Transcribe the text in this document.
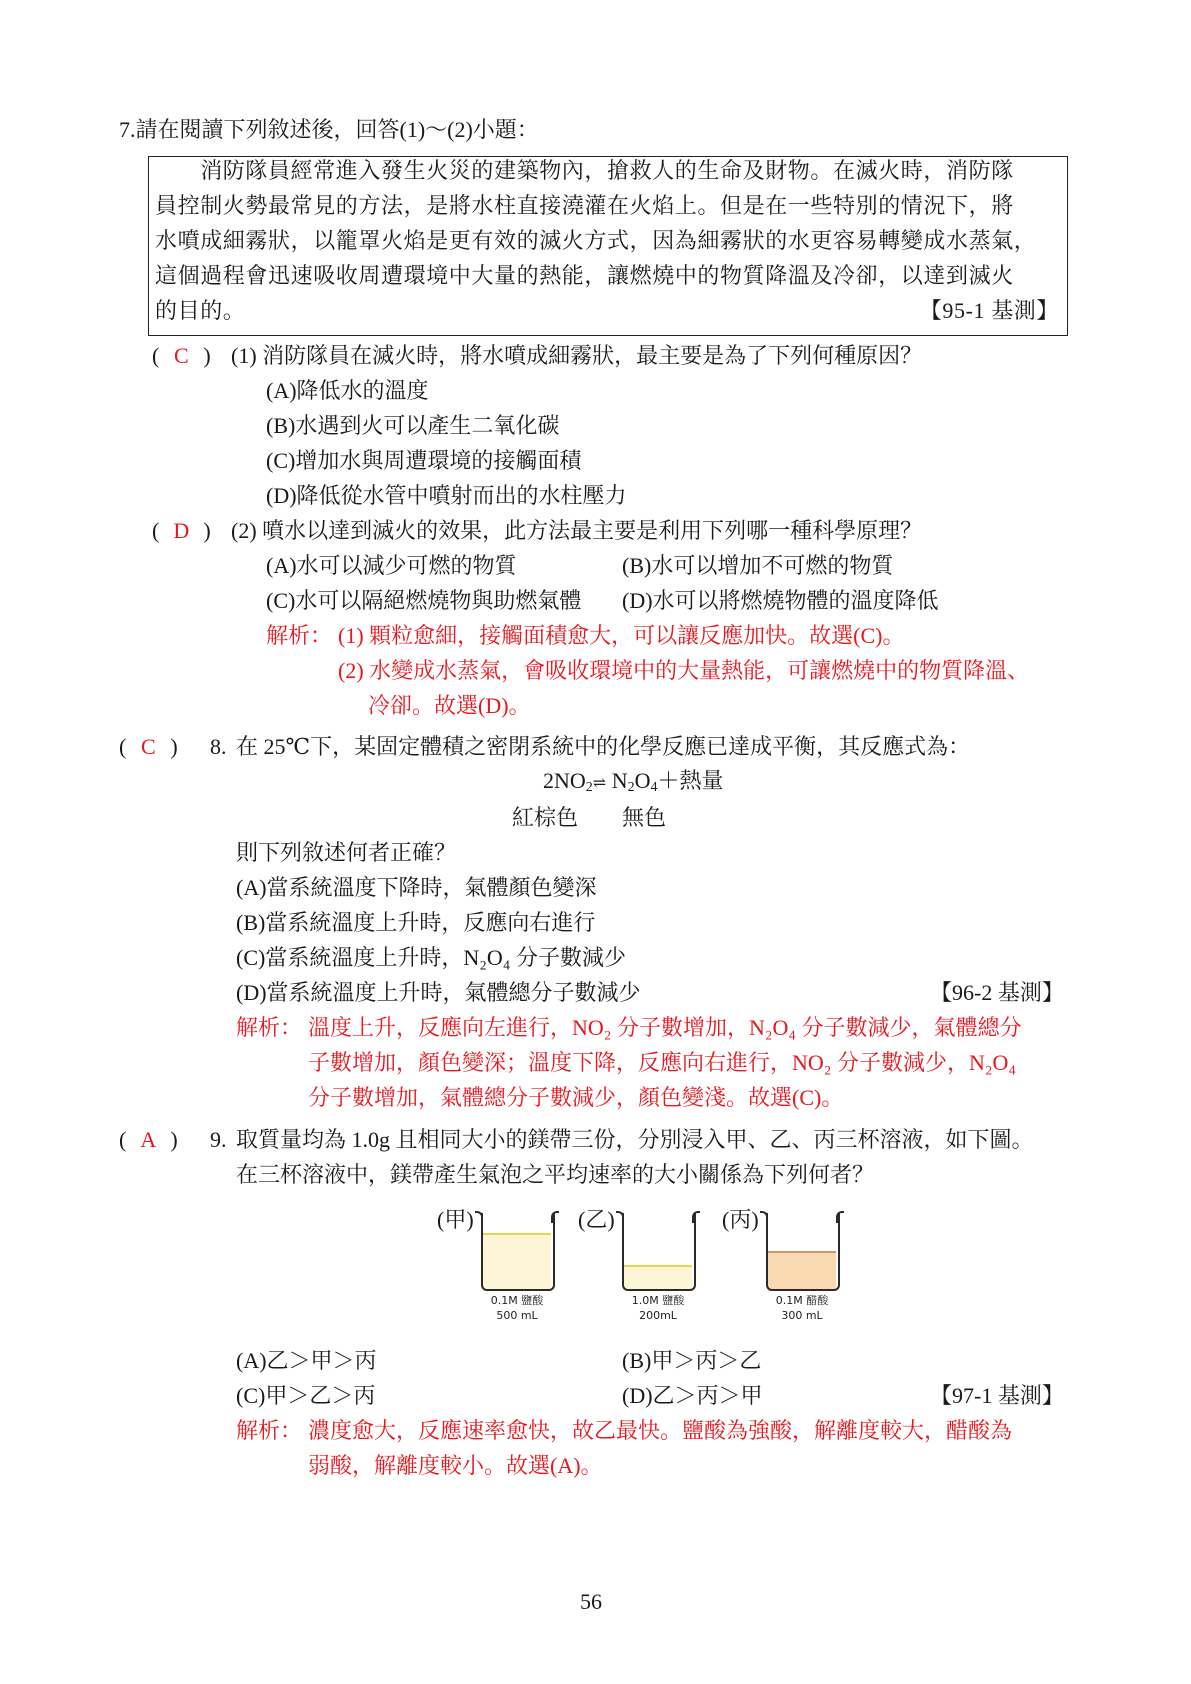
7.請在閱讀下列敘述後，回答(1)～(2)小題：
　　消防隊員經常進入發生火災的建築物內，搶救人的生命及財物。在滅火時，消防隊
員控制火勢最常見的方法，是將水柱直接澆灌在火焰上。但是在一些特別的情況下，將
水噴成細霧狀，以籠罩火焰是更有效的滅火方式，因為細霧狀的水更容易轉變成水蒸氣，
這個過程會迅速吸收周遭環境中大量的熱能，讓燃燒中的物質降溫及冷卻，以達到滅火
的目的。	【95-1 基測】
( C ) (1) 消防隊員在滅火時，將水噴成細霧狀，最主要是為了下列何種原因？
(A)降低水的溫度
(B)水遇到火可以產生二氧化碳
(C)增加水與周遭環境的接觸面積
(D)降低從水管中噴射而出的水柱壓力
( D ) (2) 噴水以達到滅火的效果，此方法最主要是利用下列哪一種科學原理？
(A)水可以減少可燃的物質	(B)水可以增加不可燃的物質
(C)水可以隔絕燃燒物與助燃氣體 (D)水可以將燃燒物體的溫度降低
解析： (1) 顆粒愈細，接觸面積愈大，可以讓反應加快。故選(C)。
(2) 水變成水蒸氣，會吸收環境中的大量熱能，可讓燃燒中的物質降溫、
冷卻。故選(D)。
( C ) 8. 在 25℃下，某固定體積之密閉系統中的化學反應已達成平衡，其反應式為：
$2NO_2\rightleftharpoons$ $N_2O_4+$熱量
紅棕色 無色
則下列敘述何者正確？
(A)當系統溫度下降時，氣體顏色變深
(B)當系統溫度上升時，反應向右進行
(C)當系統溫度上升時，N₂O₄ 分子數減少
(D)當系統溫度上升時，氣體總分子數減少	【96-2 基測】
解析： 溫度上升，反應向左進行，NO₂ 分子數增加，N₂O₄ 分子數減少，氣體總分
子數增加，顏色變深；溫度下降，反應向右進行，NO₂ 分子數減少，N₂O₄
分子數增加，氣體總分子數減少，顏色變淺。故選(C)。
( A ) 9. 取質量均為 1.0g 且相同大小的鎂帶三份，分別浸入甲、乙、丙三杯溶液，如下圖。
在三杯溶液中，鎂帶產生氣泡之平均速率的大小關係為下列何者？
(甲)
0.1M 鹽酸
500 mL
(乙)
1.0M 鹽酸
200mL
(丙)
0.1M 醋酸
300 mL
(A)乙＞甲＞丙	(B)甲＞丙＞乙
(C)甲＞乙＞丙	(D)乙＞丙＞甲	【97-1 基測】
解析： 濃度愈大，反應速率愈快，故乙最快。鹽酸為強酸，解離度較大，醋酸為
弱酸，解離度較小。故選(A)。
56
